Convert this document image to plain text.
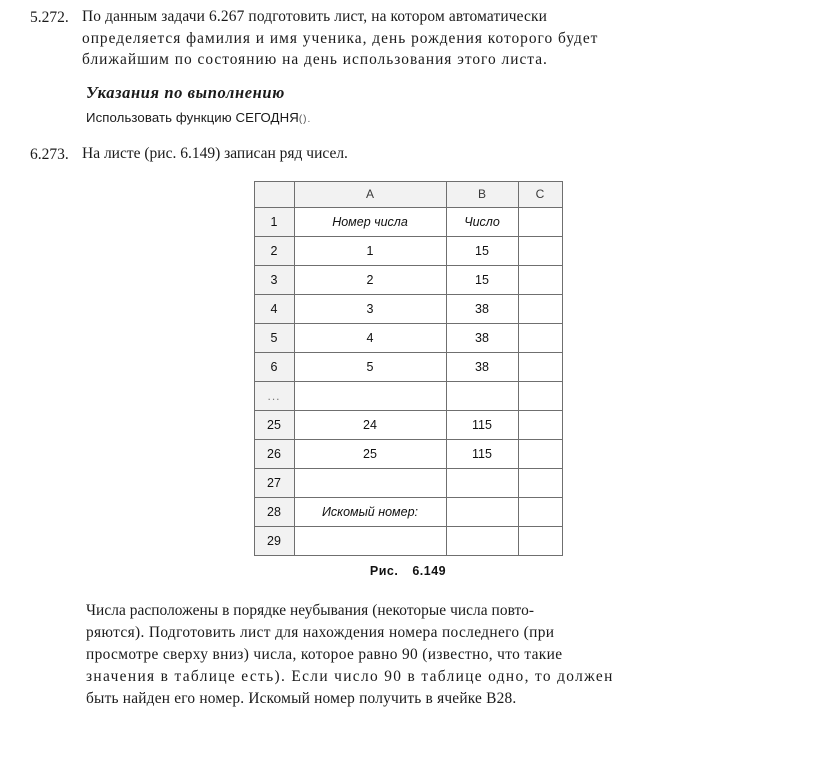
5.272. По данным задачи 6.267 подготовить лист, на котором автоматически
определяется фамилия и имя ученика, день рождения которого будет
ближайшим по состоянию на день использования этого листа.
Указания по выполнению
Использовать функцию СЕГОДНЯ().
6.273. На листе (рис. 6.149) записан ряд чисел.
	A	B	C
1	Номер числа	Число	
2	1	15	
3	2	15	
4	3	38	
5	4	38	
6	5	38	
...			
25	24	115	
26	25	115	
27			
28	Искомый номер:		
29			
Рис. 6.149
Числа расположены в порядке неубывания (некоторые числа повто-
ряются). Подготовить лист для нахождения номера последнего (при
просмотре сверху вниз) числа, которое равно 90 (известно, что такие
значения в таблице есть). Если число 90 в таблице одно, то должен
быть найден его номер. Искомый номер получить в ячейке B28.
